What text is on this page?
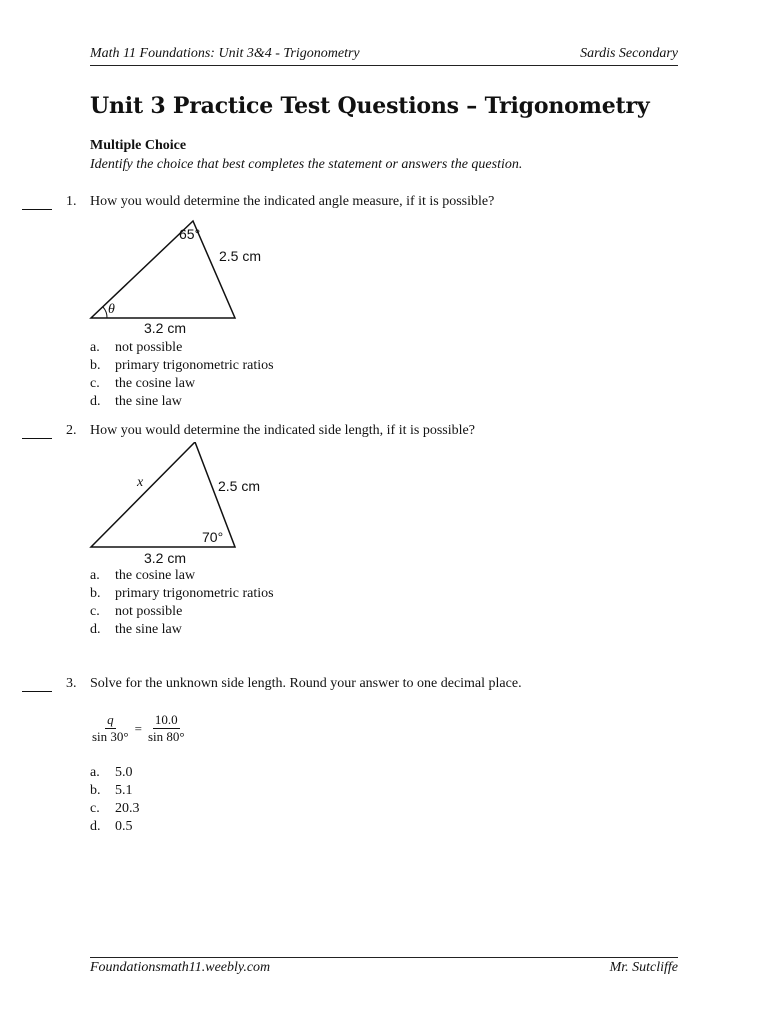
Math 11 Foundations: Unit 3&4 - Trigonometry	Sardis Secondary
Unit 3 Practice Test Questions – Trigonometry
Multiple Choice
Identify the choice that best completes the statement or answers the question.
1. How you would determine the indicated angle measure, if it is possible?
65°
2.5 cm
θ
3.2 cm
a.	not possible
b.	primary trigonometric ratios
c.	the cosine law
d.	the sine law
2. How you would determine the indicated side length, if it is possible?
70°
2.5 cm
x
3.2 cm
a.	the cosine law
b.	primary trigonometric ratios
c.	not possible
d.	the sine law
3. Solve for the unknown side length. Round your answer to one decimal place.
$\frac{q}{\sin 30^\circ} = \frac{10.0}{\sin 80^\circ}$
a.	5.0
b.	5.1
c.	20.3
d.	0.5
Foundationsmath11.weebly.com	Mr. Sutcliffe
